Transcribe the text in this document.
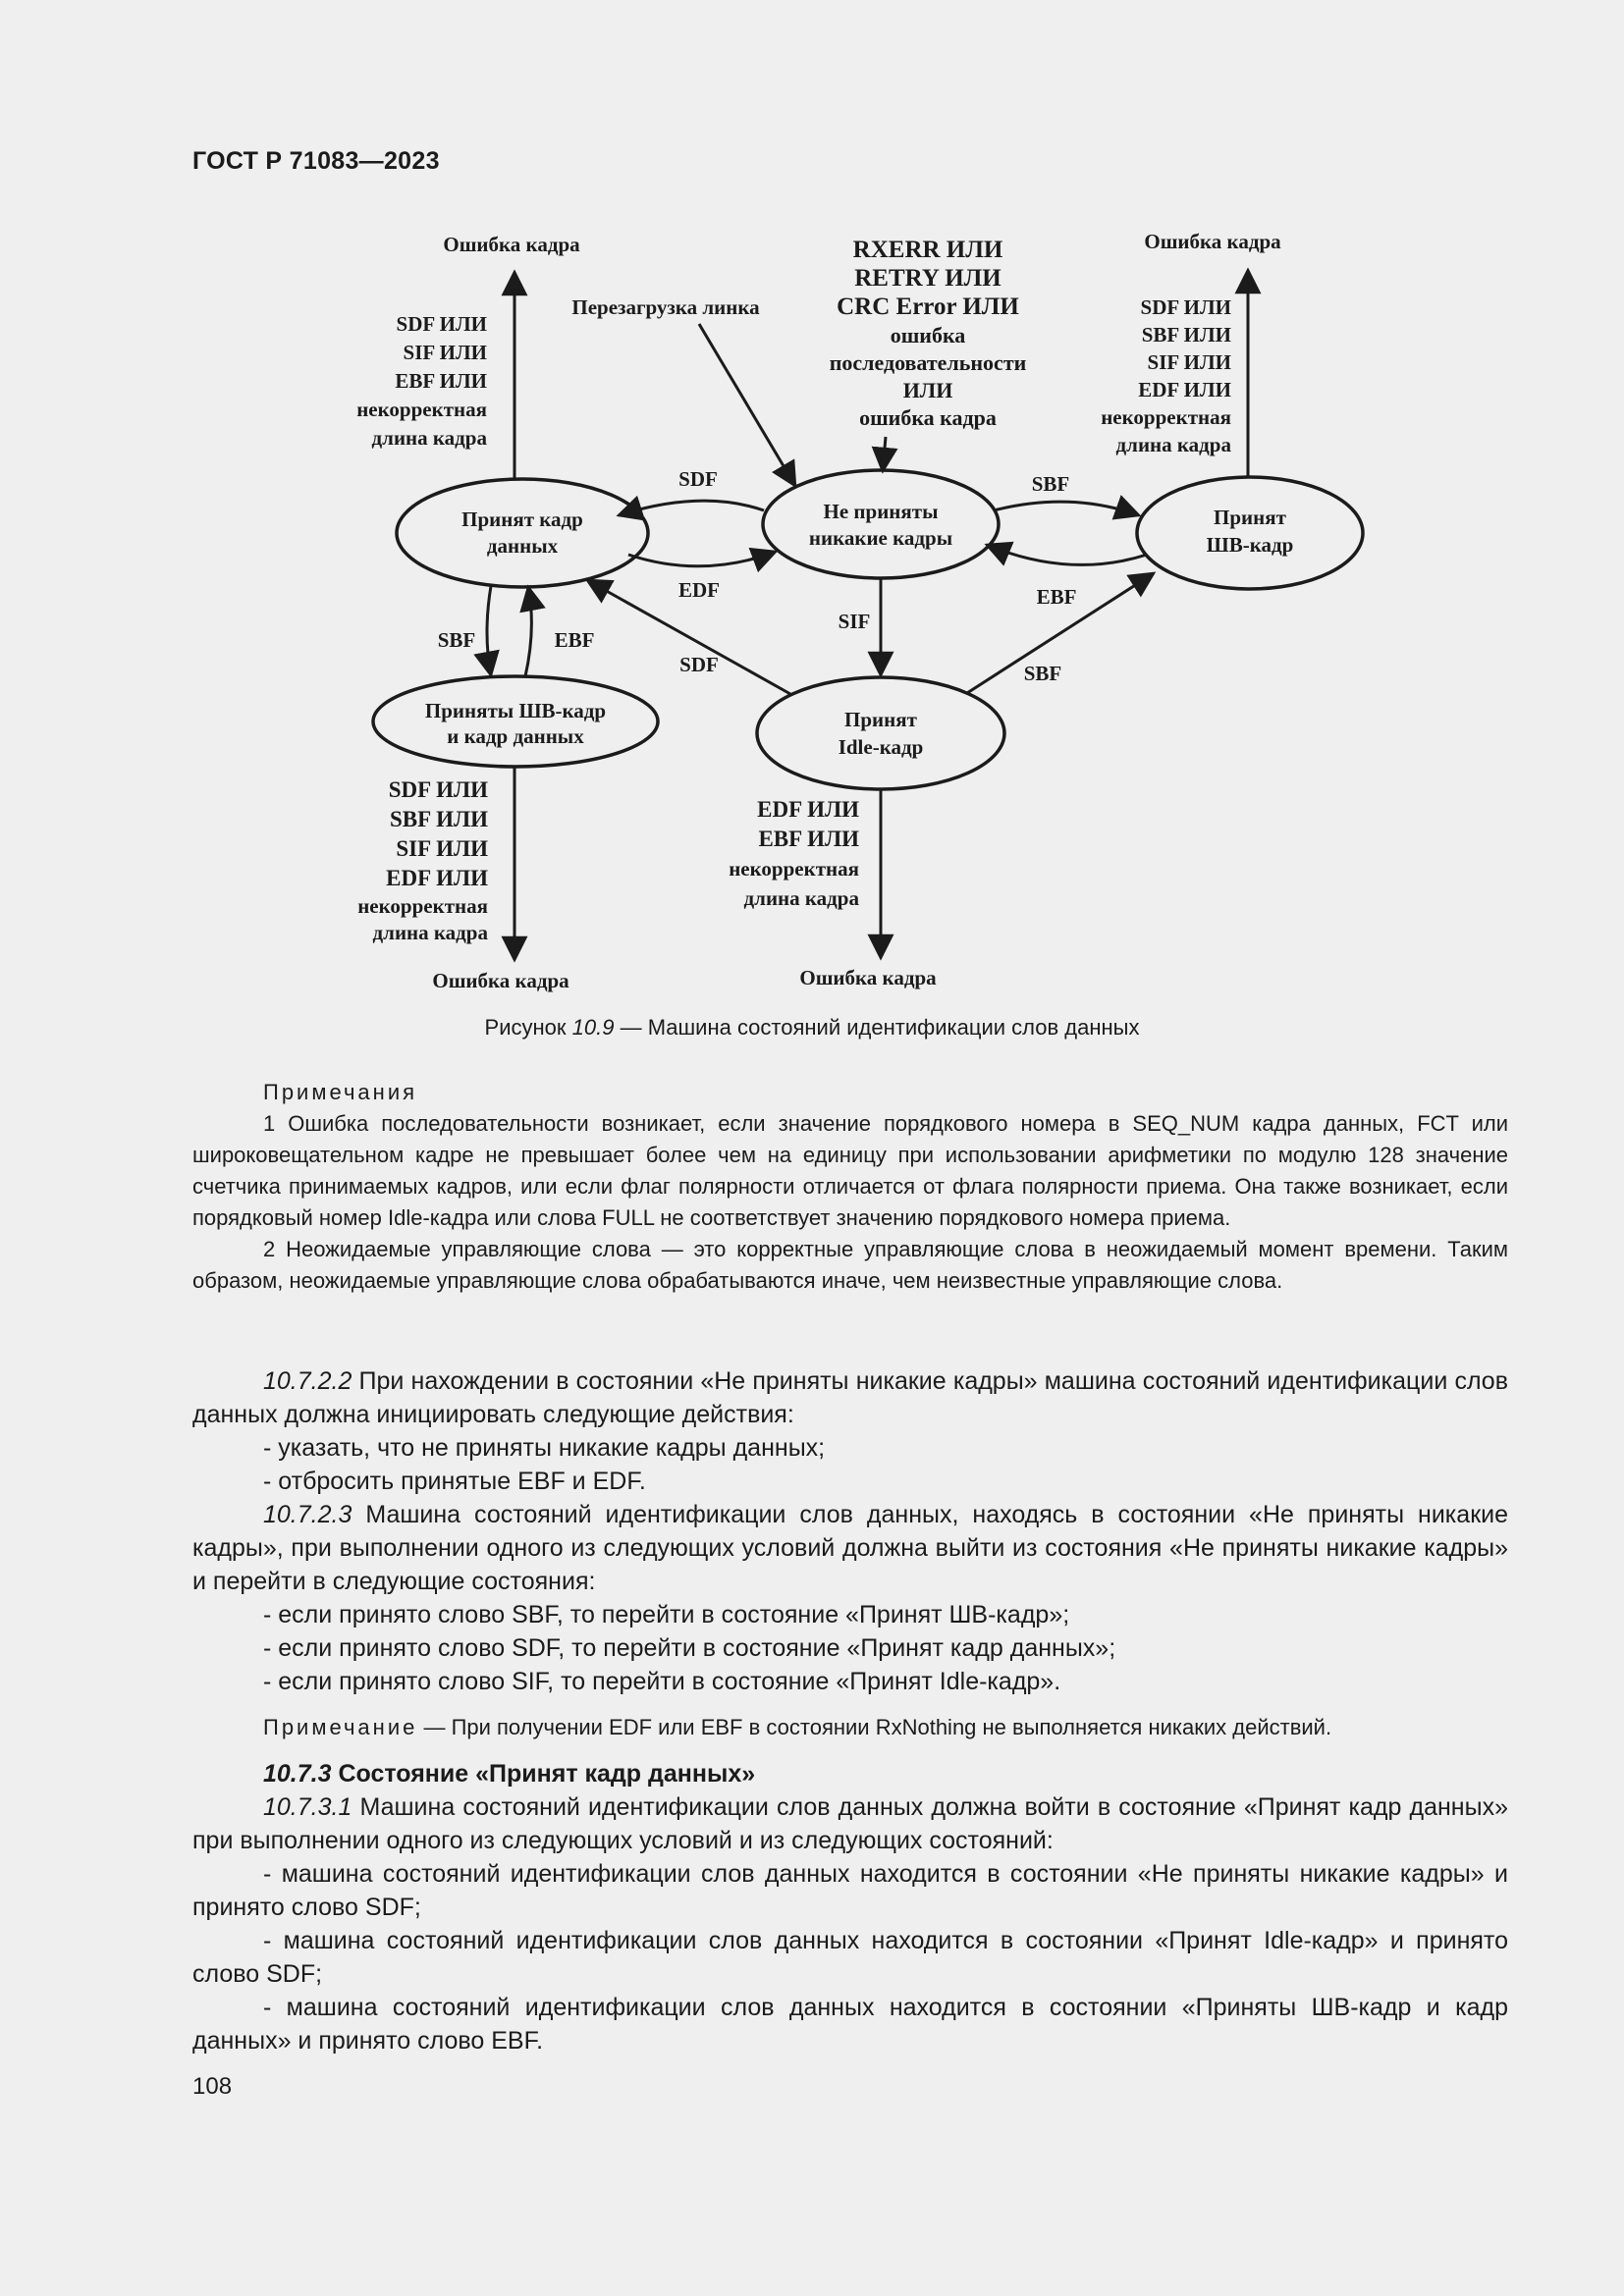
ГОСТ Р 71083—2023
Принят кадр
данных
Не приняты
никакие кадры
Принят
ШВ-кадр
Приняты ШВ-кадр
и кадр данных
Принят
Idle-кадр
Ошибка кадра	Ошибка кадра
Ошибка кадра	Ошибка кадра
SDF ИЛИ
SIF ИЛИ
EBF ИЛИ
некорректная
длина кадра
SDF ИЛИ
SBF ИЛИ
SIF ИЛИ
EDF ИЛИ
некорректная
длина кадра
RXERR ИЛИ
RETRY ИЛИ
CRC Error ИЛИ
ошибка
последовательности
ИЛИ
ошибка кадра
SDF ИЛИ
SBF ИЛИ
SIF ИЛИ
EDF ИЛИ
некорректная
длина кадра
EDF ИЛИ
EBF ИЛИ
некорректная
длина кадра
Перезагрузка линка
SDF
EDF
SBF
EBF
SBF	EBF
SDF
SIF
SBF
Рисунок 10.9 — Машина состояний идентификации слов данных

Примечания

1 Ошибка последовательности возникает, если значение порядкового номера в SEQ_NUM кадра данных, FCT или широковещательном кадре не превышает более чем на единицу при использовании арифметики по модулю 128 значение счетчика принимаемых кадров, или если флаг полярности отличается от флага полярности приема. Она также возникает, если порядковый номер Idle-кадра или слова FULL не соответствует значению порядкового номера приема.

2 Неожидаемые управляющие слова — это корректные управляющие слова в неожидаемый момент времени. Таким образом, неожидаемые управляющие слова обрабатываются иначе, чем неизвестные управляющие слова.

10.7.2.2 При нахождении в состоянии «Не приняты никакие кадры» машина состояний идентификации слов данных должна инициировать следующие действия:

- указать, что не приняты никакие кадры данных;

- отбросить принятые EBF и EDF.

10.7.2.3 Машина состояний идентификации слов данных, находясь в состоянии «Не приняты никакие кадры», при выполнении одного из следующих условий должна выйти из состояния «Не приняты никакие кадры» и перейти в следующие состояния:

- если принято слово SBF, то перейти в состояние «Принят ШВ-кадр»;

- если принято слово SDF, то перейти в состояние «Принят кадр данных»;

- если принято слово SIF, то перейти в состояние «Принят Idle-кадр».

Примечание — При получении EDF или EBF в состоянии RxNothing не выполняется никаких действий.

10.7.3 Состояние «Принят кадр данных»

10.7.3.1 Машина состояний идентификации слов данных должна войти в состояние «Принят кадр данных» при выполнении одного из следующих условий и из следующих состояний:

- машина состояний идентификации слов данных находится в состоянии «Не приняты никакие кадры» и принято слово SDF;

- машина состояний идентификации слов данных находится в состоянии «Принят Idle-кадр» и принято слово SDF;

- машина состояний идентификации слов данных находится в состоянии «Приняты ШВ-кадр и кадр данных» и принято слово EBF.

108
